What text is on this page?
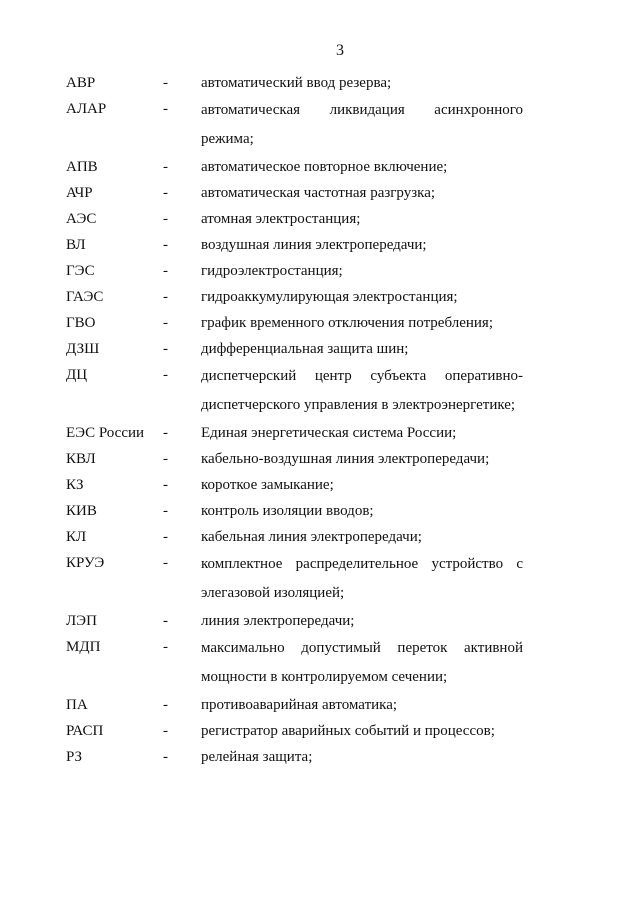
3
АВР	- автоматический ввод резерва;
АЛАР	- автоматическая ликвидация асинхронного режима;
АПВ	- автоматическое повторное включение;
АЧР	- автоматическая частотная разгрузка;
АЭС	- атомная электростанция;
ВЛ	- воздушная линия электропередачи;
ГЭС	- гидроэлектростанция;
ГАЭС	- гидроаккумулирующая электростанция;
ГВО	- график временного отключения потребления;
ДЗШ	- дифференциальная защита шин;
ДЦ	- диспетчерский центр субъекта оперативно-диспетчерского управления в электроэнергетике;
ЕЭС России - Единая энергетическая система России;
КВЛ	- кабельно-воздушная линия электропередачи;
КЗ	- короткое замыкание;
КИВ	- контроль изоляции вводов;
КЛ	- кабельная линия электропередачи;
КРУЭ	- комплектное распределительное устройство с элегазовой изоляцией;
ЛЭП	- линия электропередачи;
МДП	- максимально допустимый переток активной мощности в контролируемом сечении;
ПА	- противоаварийная автоматика;
РАСП	- регистратор аварийных событий и процессов;
РЗ	- релейная защита;
